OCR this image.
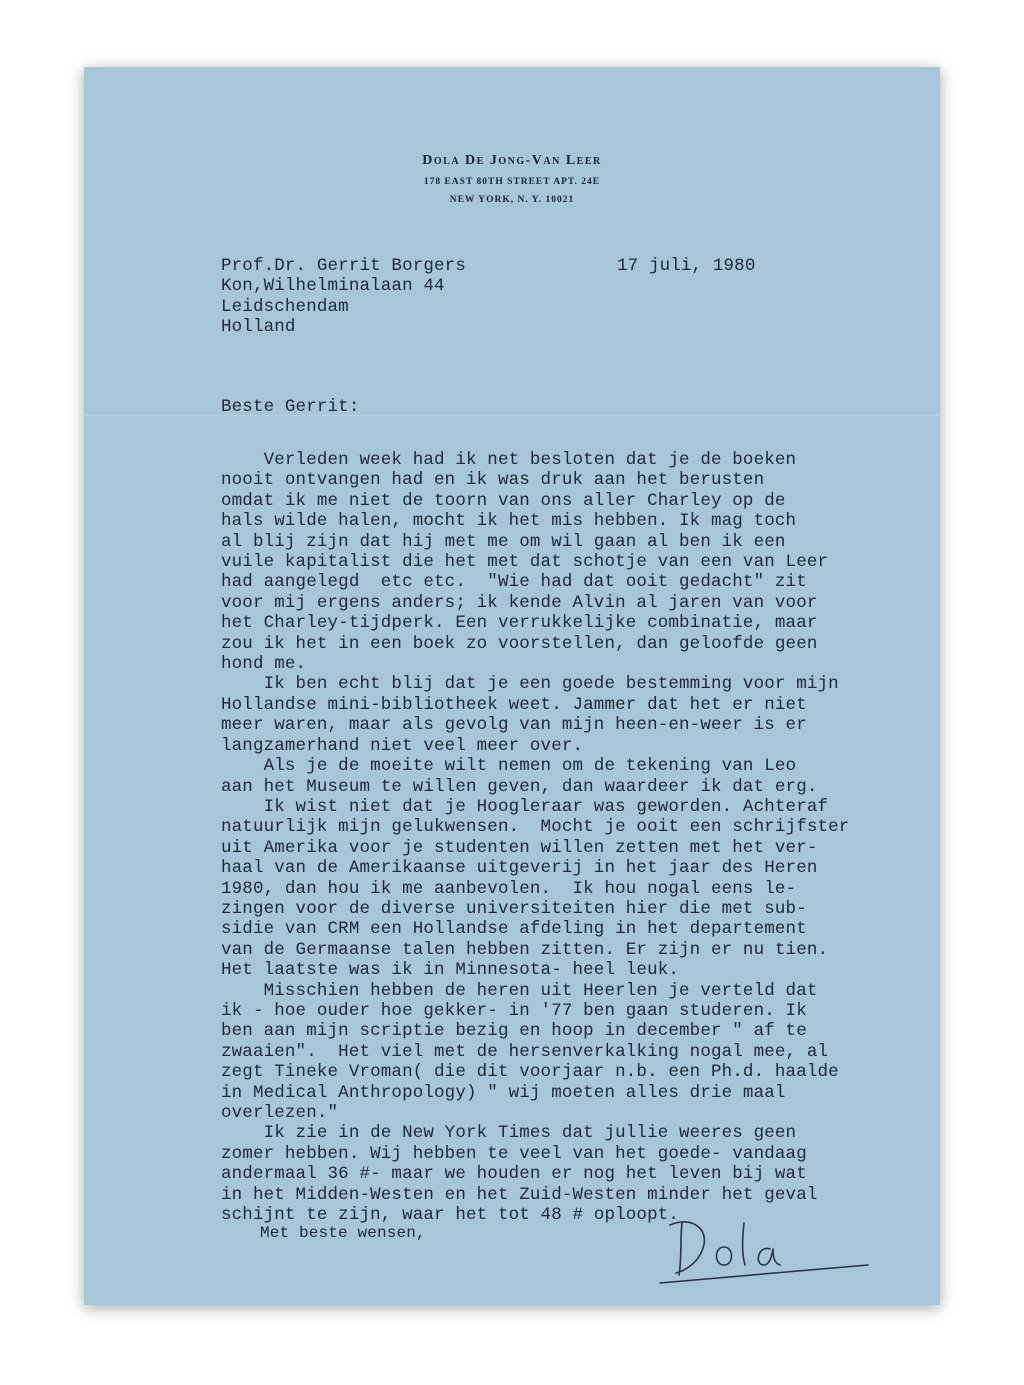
Dola De Jong-Van Leer
178 EAST 80TH STREET APT. 24E
NEW YORK, N. Y. 10021
Prof.Dr. Gerrit Borgers
Kon,Wilhelminalaan 44
Leidschendam
Holland
17 juli, 1980
Beste Gerrit:
Verleden week had ik net besloten dat je de boeken
nooit ontvangen had en ik was druk aan het berusten
omdat ik me niet de toorn van ons aller Charley op de
hals wilde halen, mocht ik het mis hebben. Ik mag toch
al blij zijn dat hij met me om wil gaan al ben ik een
vuile kapitalist die het met dat schotje van een van Leer
had aangelegd  etc etc.  "Wie had dat ooit gedacht" zit
voor mij ergens anders; ik kende Alvin al jaren van voor
het Charley-tijdperk. Een verrukkelijke combinatie, maar
zou ik het in een boek zo voorstellen, dan geloofde geen
hond me.
Ik ben echt blij dat je een goede bestemming voor mijn
Hollandse mini-bibliotheek weet. Jammer dat het er niet
meer waren, maar als gevolg van mijn heen-en-weer is er
langzamerhand niet veel meer over.
Als je de moeite wilt nemen om de tekening van Leo
aan het Museum te willen geven, dan waardeer ik dat erg.
Ik wist niet dat je Hoogleraar was geworden. Achteraf
natuurlijk mijn gelukwensen.  Mocht je ooit een schrijfster
uit Amerika voor je studenten willen zetten met het ver-
haal van de Amerikaanse uitgeverij in het jaar des Heren
1980, dan hou ik me aanbevolen.  Ik hou nogal eens le-
zingen voor de diverse universiteiten hier die met sub-
sidie van CRM een Hollandse afdeling in het departement
van de Germaanse talen hebben zitten. Er zijn er nu tien.
Het laatste was ik in Minnesota- heel leuk.
Misschien hebben de heren uit Heerlen je verteld dat
ik - hoe ouder hoe gekker- in '77 ben gaan studeren. Ik
ben aan mijn scriptie bezig en hoop in december " af te
zwaaien".  Het viel met de hersenverkalking nogal mee, al
zegt Tineke Vroman( die dit voorjaar n.b. een Ph.d. haalde
in Medical Anthropology) " wij moeten alles drie maal
overlezen."
Ik zie in de New York Times dat jullie weeres geen
zomer hebben. Wij hebben te veel van het goede- vandaag
andermaal 36 #- maar we houden er nog het leven bij wat
in het Midden-Westen en het Zuid-Westen minder het geval
schijnt te zijn, waar het tot 48 # oploopt.
Met beste wensen,
